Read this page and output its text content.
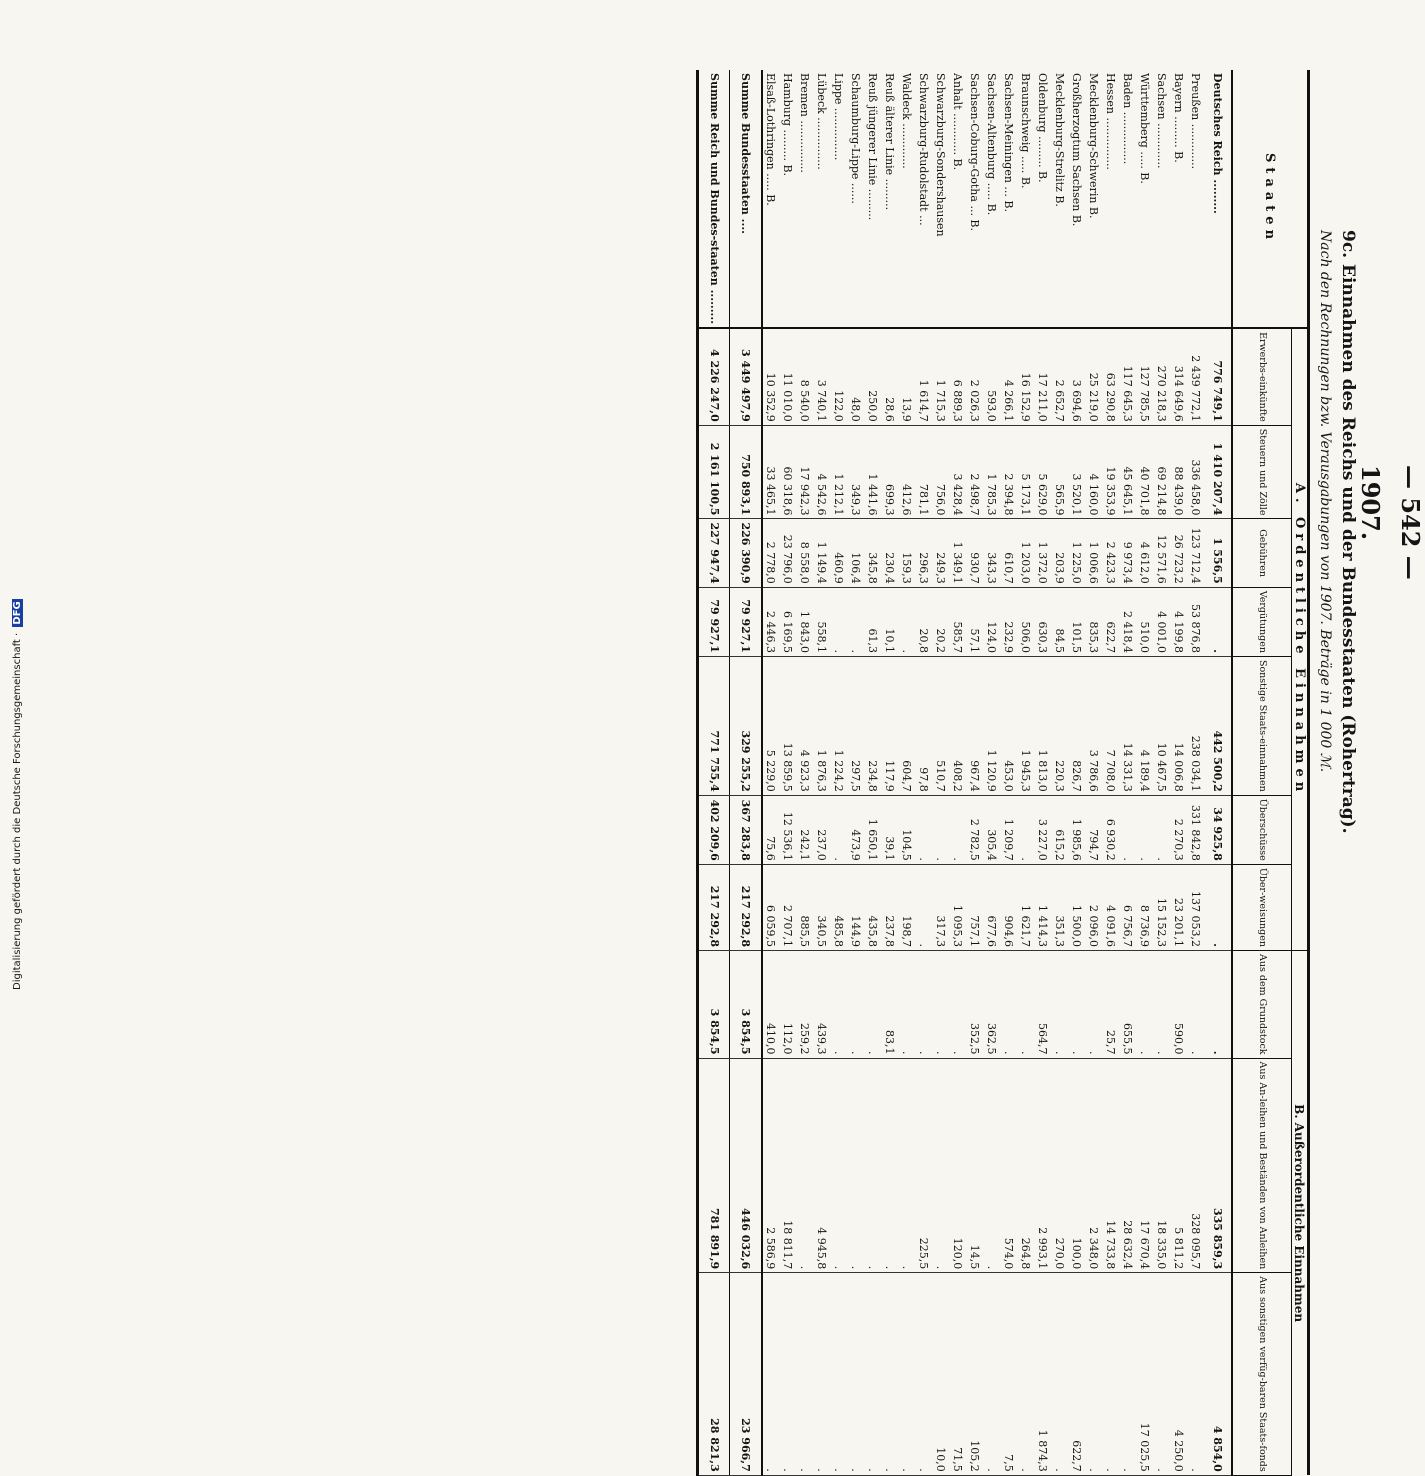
Digitalisierung gefördert durch die Deutsche Forschungsgemeinschaft · DFG
— 542 —
1907.
9c. Einnahmen des Reichs und der Bundesstaaten (Rohertrag).
Nach den Rechnungen bzw. Verausgabungen von 1907. Beträge in 1 000 ℳ.
Staaten	A. Ordentliche Einnahmen							B. Außerordentliche Einnahmen		
	Erwerbs-einkünfte	Steuern und Zölle	Gebühren	Vergütungen	Sonstige Staats-einnahmen	Überschüsse	Über-weisungen	Aus dem Grundstock	Aus An-leihen und Beständen von Anleihen	Aus sonstigen verfüg-baren Staats-fonds
Deutsches Reich .........	776 749,1	1 410 207,4	1 556,5	.	442 500,2	34 925,8	.	.	335 859,3	4 854,0
Preußen .............	2 439 772,1	336 458,0	123 712,4	53 876,8	238 034,1	331 842,8	137 053,2	.	328 095,7	.
Bayern ......... B.	314 649,6	88 439,0	26 723,2	4 199,8	14 006,8	2 270,3	23 201,1	590,0	5 811,2	4 250,0
Sachsen .............	270 218,3	69 214,8	12 571,6	4 001,0	10 467,5	.	15 152,3	.	18 335,0	.
Württemberg ..... B.	127 785,5	40 701,8	4 612,0	510,0	4 189,4	.	8 736,9	.	17 670,4	17 025,5
Baden ...............	117 645,3	45 645,1	9 973,4	2 418,4	14 331,3	.	6 756,7	655,5	28 632,4	.
Hessen ...............	63 290,8	19 353,9	2 423,3	622,7	7 708,0	6 930,2	4 091,6	25,7	14 733,8	.
Mecklenburg-Schwerin B.	25 219,0	4 160,0	1 006,6	835,3	3 786,6	794,7	2 096,0	.	2 348,0	.
Großherzogtum Sachsen B.	3 694,6	3 520,1	1 225,0	101,5	826,7	1 985,6	1 500,0	.	100,0	622,7
Mecklenburg-Strelitz B.	2 652,7	565,9	203,9	84,5	220,3	615,2	351,3	.	270,0	.
Oldenburg ......... B.	17 211,0	5 629,0	1 372,0	630,3	1 813,0	3 227,0	1 414,3	564,7	2 993,1	1 874,3
Braunschweig ..... B.	16 152,9	5 173,1	1 203,0	506,0	1 945,3	.	1 621,7	.	264,8	.
Sachsen-Meiningen ... B.	4 266,1	2 394,8	610,7	232,9	453,0	1 209,7	904,6	.	574,0	7,5
Sachsen-Altenburg ..... B.	593,0	1 785,3	343,3	124,0	1 120,9	305,4	677,6	362,5	.	.
Sachsen-Coburg-Gotha ... B.	2 026,3	2 498,7	930,7	57,1	967,4	2 782,5	757,1	352,5	14,5	105,2
Anhalt ............ B.	6 889,3	3 428,4	1 349,1	585,7	408,2	.	1 095,3	.	120,0	71,5
Schwarzburg-Sondershausen	1 715,3	756,0	249,3	20,2	510,7	.	317,3	.	.	10,0
Schwarzburg-Rudolstadt ...	1 614,7	781,1	296,3	20,8	97,8	.	.	.	225,5	.
Waldeck .............	13,9	412,6	159,3	.	604,7	104,5	198,7	.	.	.
Reuß älterer Linie .........	28,6	699,3	230,4	10,1	117,9	39,1	237,8	83,1	.	.
Reuß jüngerer Linie .........	250,0	1 441,6	345,8	61,3	234,8	1 650,1	435,8	.	.	.
Schaumburg-Lippe ......	48,0	349,3	106,4	.	297,5	473,9	144,9	.	.	.
Lippe ...............	122,0	1 212,1	460,9	.	1 224,2	.	485,8	.	.	.
Lübeck ...............	3 740,1	4 542,6	1 149,4	558,1	1 876,3	237,0	340,5	439,3	4 945,8	.
Bremen ...............	8 540,0	17 942,3	8 558,0	1 843,0	4 923,3	242,1	885,5	259,2	.	.
Hamburg ......... B.	11 010,0	60 318,6	23 796,0	6 169,5	13 859,5	12 536,1	2 707,1	112,0	18 811,7	.
Elsaß-Lothringen ..... B.	10 352,9	33 465,1	2 778,0	2 446,3	5 229,0	75,6	6 059,5	410,0	2 586,9	.
Summe Bundesstaaten ....	3 449 497,9	750 893,1	226 390,9	79 927,1	329 255,2	367 283,8	217 292,8	3 854,5	446 032,6	23 966,7
Summe Reich und Bundes-staaten .........	4 226 247,0	2 161 100,5	227 947,4	79 927,1	771 755,4	402 209,6	217 292,8	3 854,5	781 891,9	28 821,3
